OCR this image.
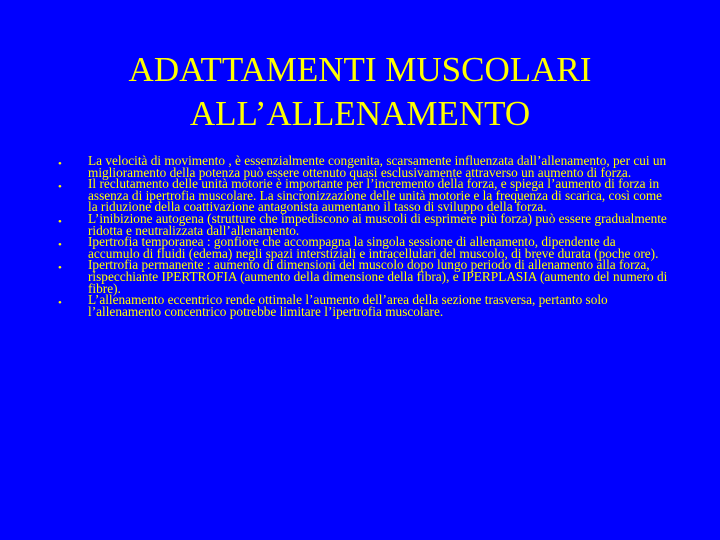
ADATTAMENTI MUSCOLARI
ALL’ALLENAMENTO
• La velocità di movimento , è essenzialmente congenita, scarsamente influenzata dall’allenamento, per cui un miglioramento della potenza può essere ottenuto quasi esclusivamente attraverso un aumento di forza.
• Il reclutamento delle unità motorie è importante per l’incremento della forza, e spiega l’aumento di forza in assenza di ipertrofia muscolare. La sincronizzazione delle unità motorie e la frequenza di scarica, così come la riduzione della coattivazione antagonista aumentano il tasso di sviluppo della forza.
• L’inibizione autogena (strutture che impediscono ai muscoli di esprimere più forza) può essere gradualmente ridotta e neutralizzata dall’allenamento.
• Ipertrofia temporanea : gonfiore che accompagna la singola sessione di allenamento, dipendente da accumulo di fluidi (edema) negli spazi interstiziali e intracellulari del muscolo, di breve durata (poche ore).
• Ipertrofia permanente : aumento di dimensioni del muscolo dopo lungo periodo di allenamento alla forza, rispecchiante IPERTROFIA (aumento della dimensione della fibra), e IPERPLASIA (aumento del numero di fibre).
• L’allenamento eccentrico rende ottimale l’aumento dell’area della sezione trasversa, pertanto solo l’allenamento concentrico potrebbe limitare l’ipertrofia muscolare.
